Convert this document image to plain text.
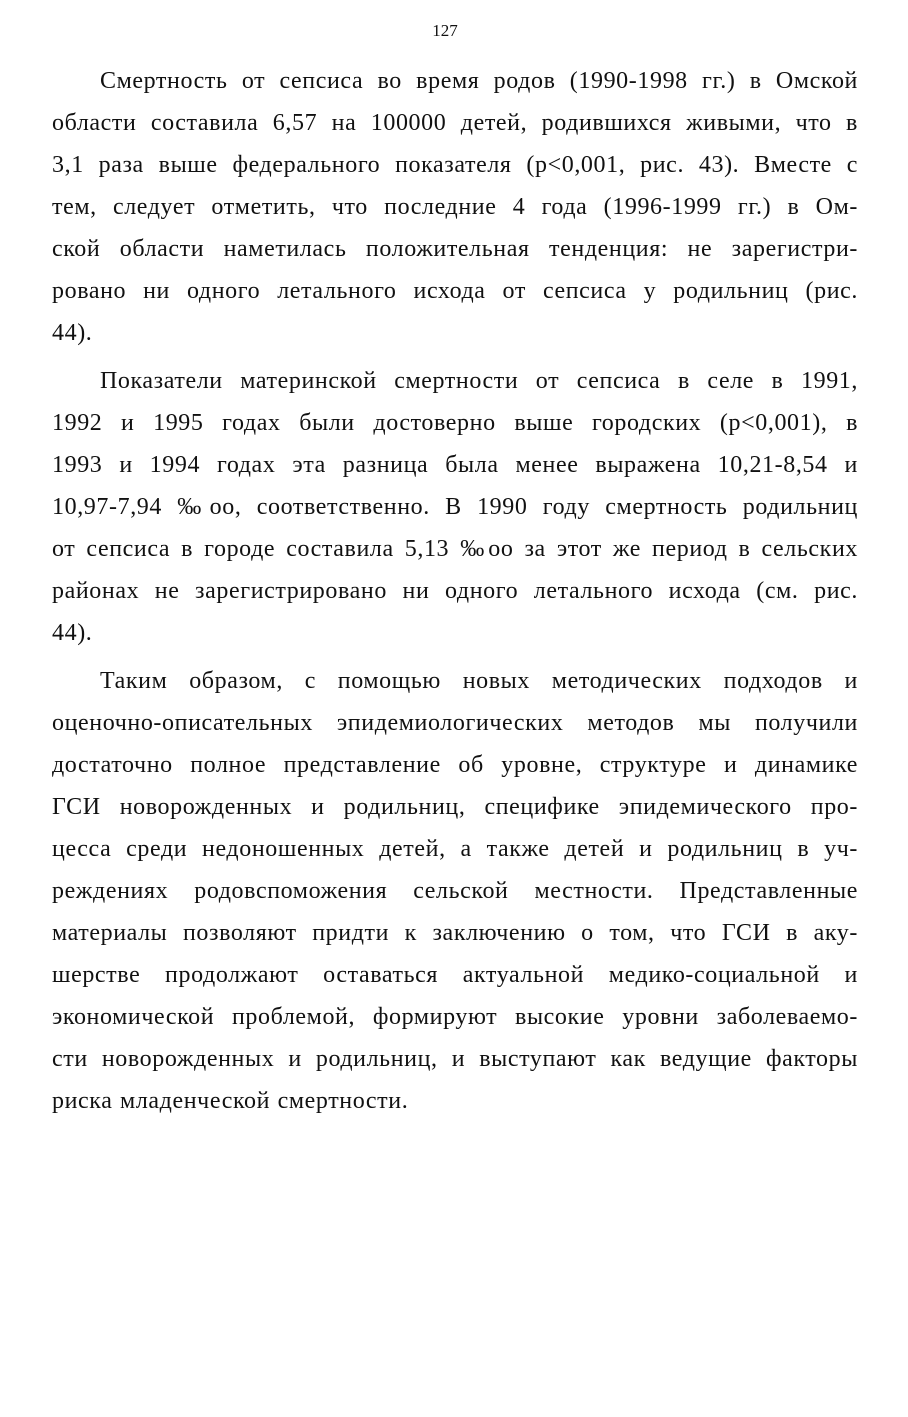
127

Смертность от сепсиса во время родов (1990-1998 гг.) в Омской
области составила 6,57 на 100000 детей, родившихся живыми, что в
3,1 раза выше федерального показателя (р<0,001, рис. 43). Вместе с
тем, следует отметить, что последние 4 года (1996-1999 гг.) в Ом-
ской области наметилась положительная тенденция: не зарегистри-
ровано ни одного летального исхода от сепсиса у родильниц (рис.
44).

Показатели материнской смертности от сепсиса в селе в 1991,
1992 и 1995 годах были достоверно выше городских (р<0,001), в
1993 и 1994 годах эта разница была менее выражена 10,21-8,54 и
10,97-7,94 ‰oo, соответственно. В 1990 году смертность родильниц
от сепсиса в городе составила 5,13 ‰oo за этот же период в сельских
районах не зарегистрировано ни одного летального исхода (см. рис.
44).

Таким образом, с помощью новых методических подходов и
оценочно-описательных эпидемиологических методов мы получили
достаточно полное представление об уровне, структуре и динамике
ГСИ новорожденных и родильниц, специфике эпидемического про-
цесса среди недоношенных детей, а также детей и родильниц в уч-
реждениях родовспоможения сельской местности. Представленные
материалы позволяют придти к заключению о том, что ГСИ в аку-
шерстве продолжают оставаться актуальной медико-социальной и
экономической проблемой, формируют высокие уровни заболеваемо-
сти новорожденных и родильниц, и выступают как ведущие факторы
риска младенческой смертности.
